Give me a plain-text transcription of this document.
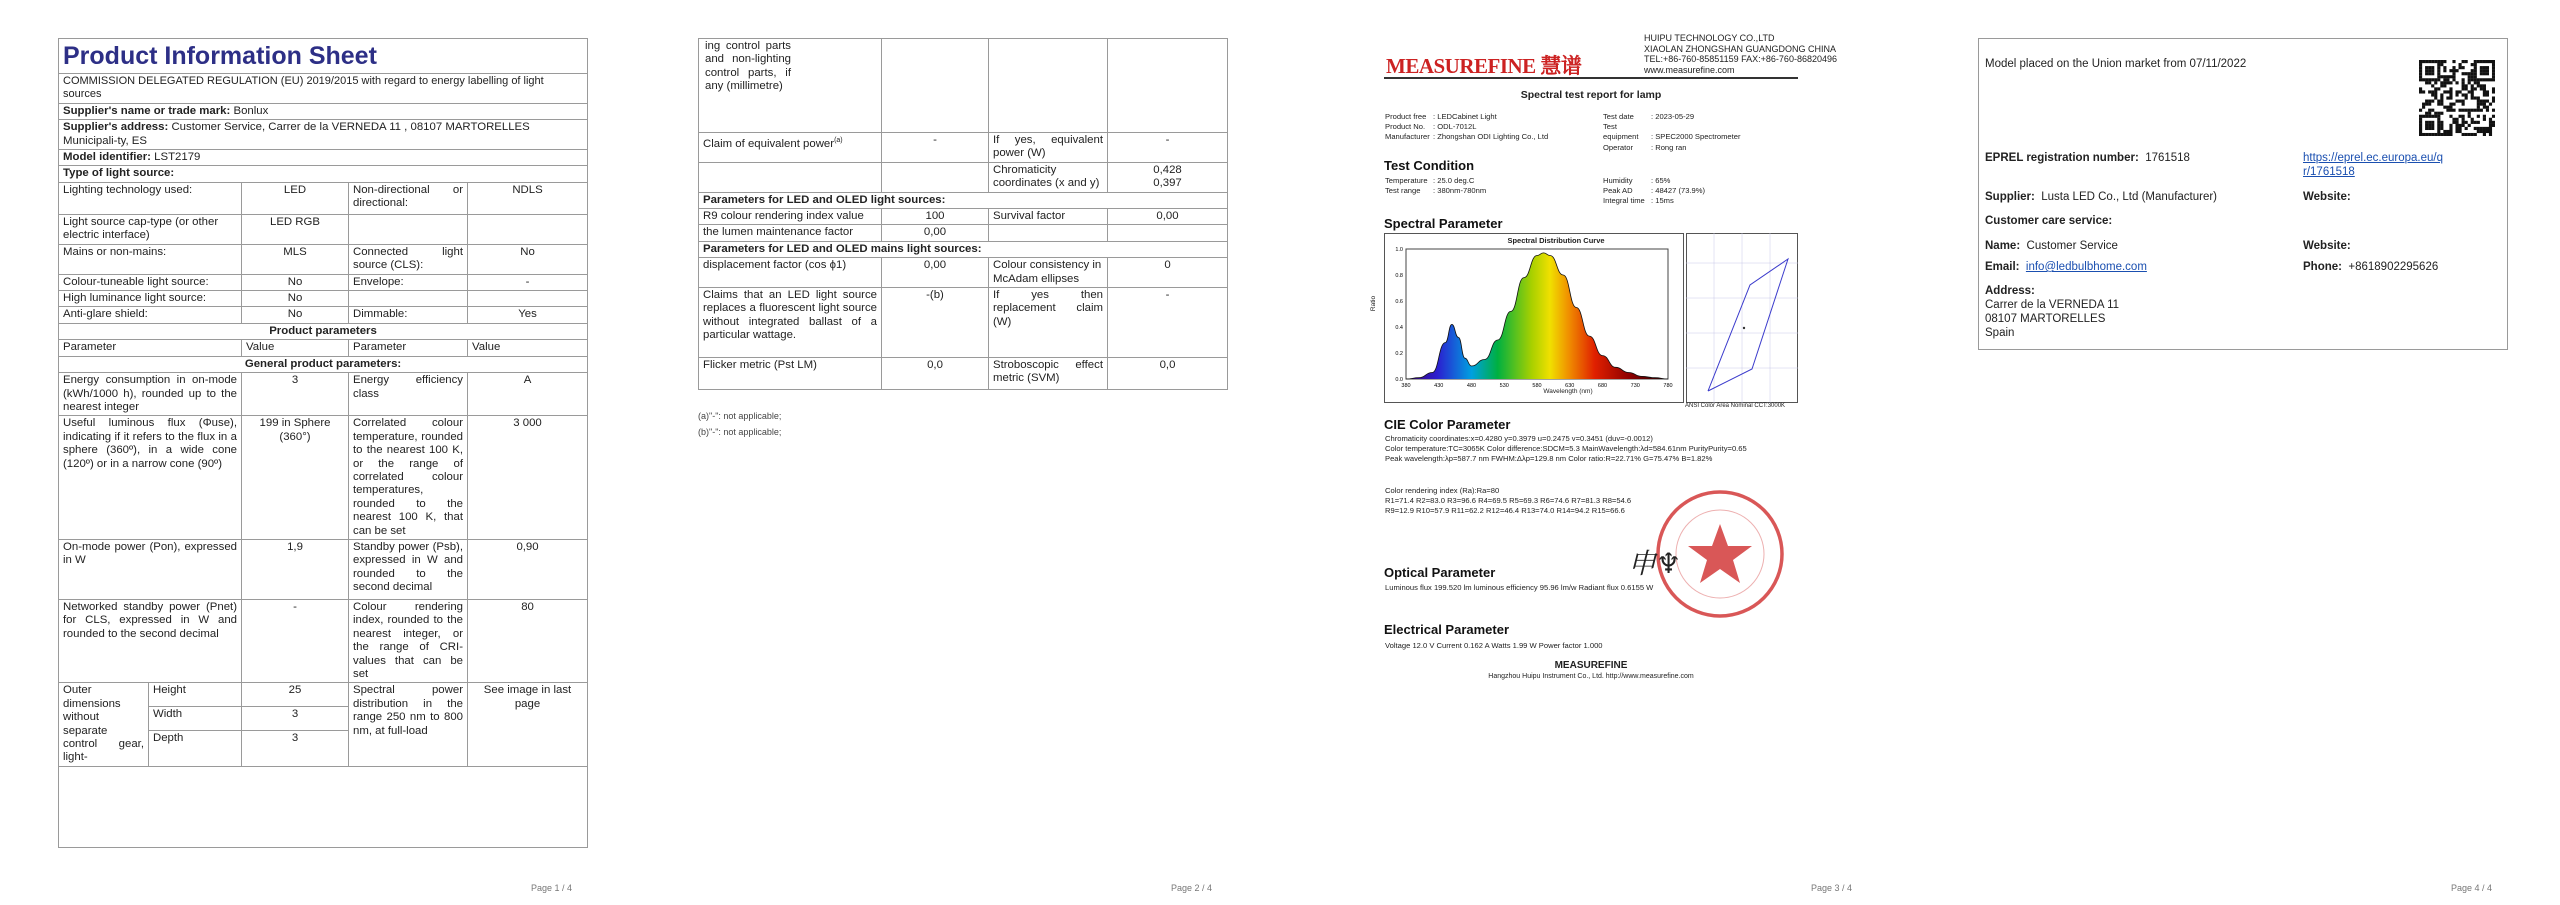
Product Information Sheet
COMMISSION DELEGATED REGULATION (EU) 2019/2015 with regard to energy labelling of light sources			
Supplier's name or trade mark: Bonlux			
Supplier's address: Customer Service, Carrer de la VERNEDA 11 , 08107 MARTORELLES Municipali-ty, ES			
Model identifier: LST2179			
Type of light source:			
Lighting technology used:	LED	Non-directional or directional:	NDLS
Light source cap-type (or other electric interface)	LED RGB		
Mains or non-mains:	MLS	Connected light source (CLS):	No
Colour-tuneable light source:	No	Envelope:	-
High luminance light source:	No		
Anti-glare shield:	No	Dimmable:	Yes
Product parameters			
Parameter	Value	Parameter	Value
General product parameters:			
Energy consumption in on-mode (kWh/1000 h), rounded up to the nearest integer	3	Energy efficiency class	A
Useful luminous flux (Φuse), indicating if it refers to the flux in a sphere (360º), in a wide cone (120º) or in a narrow cone (90º)	199 in Sphere (360°)	Correlated colour temperature, rounded to the nearest 100 K, or the range of correlated colour temperatures, rounded to the nearest 100 K, that can be set	3 000
On-mode power (Pon), expressed in W	1,9	Standby power (Psb), expressed in W and rounded to the second decimal	0,90
Networked standby power (Pnet) for CLS, expressed in W and rounded to the second decimal	-	Colour rendering index, rounded to the nearest integer, or the range of CRI-values that can be set	80
Outer dimensions without separate control gear, light-	Height	25	Spectral power distribution in the range 250 nm to 800 nm, at full-load	See image in last page
	Width	3		
	Depth	3		
Page 1 / 4
ing control parts and non-lighting control parts, if any (millimetre)			
Claim of equivalent power$^{(a)}$	-	If yes, equivalent power (W)	-
		Chromaticity coordinates (x and y)	0,428
0,397
Parameters for LED and OLED light sources:			
R9 colour rendering index value	100	Survival factor	0,00
the lumen maintenance factor	0,00		
Parameters for LED and OLED mains light sources:			
displacement factor (cos ϕ1)	0,00	Colour consistency in McAdam ellipses	0
Claims that an LED light source replaces a fluorescent light source without integrated ballast of a particular wattage.	-(b)	If yes then replacement claim (W)	-
Flicker metric (Pst LM)	0,0	Stroboscopic effect metric (SVM)	0,0
(a)"-": not applicable;
(b)"-": not applicable;
Page 2 / 4
MEASUREFINE 慧谱
HUIPU TECHNOLOGY CO.,LTD
XIAOLAN ZHONGSHAN GUANGDONG CHINA
TEL:+86-760-85851159 FAX:+86-760-86820496
www.measurefine.com
Spectral test report for lamp
Product free : LEDCabinet Light
Product No. : ODL-7012L
Manufacturer : Zhongshan ODI Lighting Co., Ltd
Test date : 2023-05-29
Test equipment : SPEC2000 Spectrometer
Operator : Rong ran
Test Condition
Temperature : 25.0 deg.C
Test range : 380nm-780nm
Humidity : 65%
Peak AD : 48427 (73.9%)
Integral time : 15ms
Spectral Parameter
0.0
0.2
0.4
0.6
0.8
1.0
380	430	480	530	580	630	680	730	780
Spectral Distribution Curve
Wavelength (nm)
Ratio
ANSI Color Area Nominal CCT:3000K
CIE Color Parameter
Chromaticity coordinates:x=0.4280 y=0.3979 u=0.2475 v=0.3451 (duv=-0.0012)
Color temperature:TC=3065K Color difference:SDCM=5.3 MainWavelength:λd=584.61nm PurityPurity=0.65
Peak wavelength:λp=587.7 nm FWHM:Δλp=129.8 nm Color ratio:R=22.71% G=75.47% B=1.82%
Color rendering index (Ra):Ra=80
R1=71.4 R2=83.0 R3=96.6 R4=69.5 R5=69.3 R6=74.6 R7=81.3 R8=54.6
R9=12.9 R10=57.9 R11=62.2 R12=46.4 R13=74.0 R14=94.2 R15=66.6
申♆
Optical Parameter
Luminous flux 199.520 lm luminous efficiency 95.96 lm/w Radiant flux 0.6155 W
Electrical Parameter
Voltage 12.0 V Current 0.162 A Watts 1.99 W Power factor 1.000
MEASUREFINE
Hangzhou Huipu Instrument Co., Ltd. http://www.measurefine.com
Page 3 / 4
Model placed on the Union market from 07/11/2022
EPREL registration number: 1761518	https://eprel.ec.europa.eu/qr/1761518
Supplier: Lusta LED Co., Ltd (Manufacturer)	Website:
Customer care service:
Name: Customer Service	Website:
Email: info@ledbulbhome.com	Phone: +8618902295626
Address:
Carrer de la VERNEDA 11
08107 MARTORELLES
Spain
Page 4 / 4
